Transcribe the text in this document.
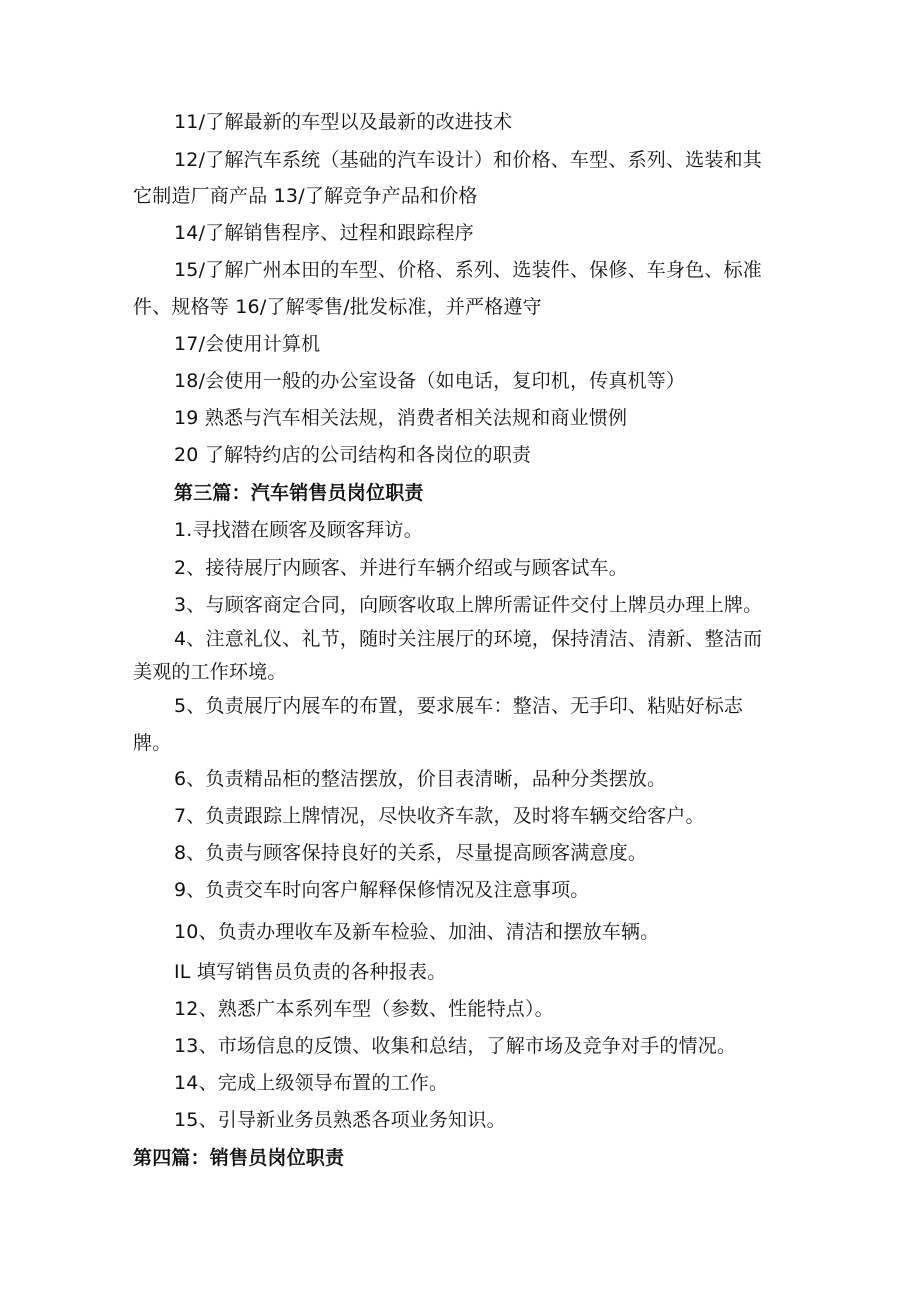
11/了解最新的车型以及最新的改进技术
12/了解汽车系统（基础的汽车设计）和价格、车型、系列、选装和其
它制造厂商产品 13/了解竞争产品和价格
14/了解销售程序、过程和跟踪程序
15/了解广州本田的车型、价格、系列、选装件、保修、车身色、标准
件、规格等 16/了解零售/批发标准，并严格遵守
17/会使用计算机
18/会使用一般的办公室设备（如电话，复印机，传真机等）
19 熟悉与汽车相关法规，消费者相关法规和商业惯例
20 了解特约店的公司结构和各岗位的职责
第三篇：汽车销售员岗位职责
1.寻找潜在顾客及顾客拜访。
2、接待展厅内顾客、并进行车辆介绍或与顾客试车。
3、与顾客商定合同，向顾客收取上牌所需证件交付上牌员办理上牌。
4、注意礼仪、礼节，随时关注展厅的环境，保持清洁、清新、整洁而
美观的工作环境。
5、负责展厅内展车的布置，要求展车：整洁、无手印、粘贴好标志
牌。
6、负责精品柜的整洁摆放，价目表清晰，品种分类摆放。
7、负责跟踪上牌情况，尽快收齐车款，及时将车辆交给客户。
8、负责与顾客保持良好的关系，尽量提高顾客满意度。
9、负责交车时向客户解释保修情况及注意事项。
10、负责办理收车及新车检验、加油、清洁和摆放车辆。
IL 填写销售员负责的各种报表。
12、熟悉广本系列车型（参数、性能特点）。
13、市场信息的反馈、收集和总结，了解市场及竞争对手的情况。
14、完成上级领导布置的工作。
15、引导新业务员熟悉各项业务知识。
第四篇：销售员岗位职责
